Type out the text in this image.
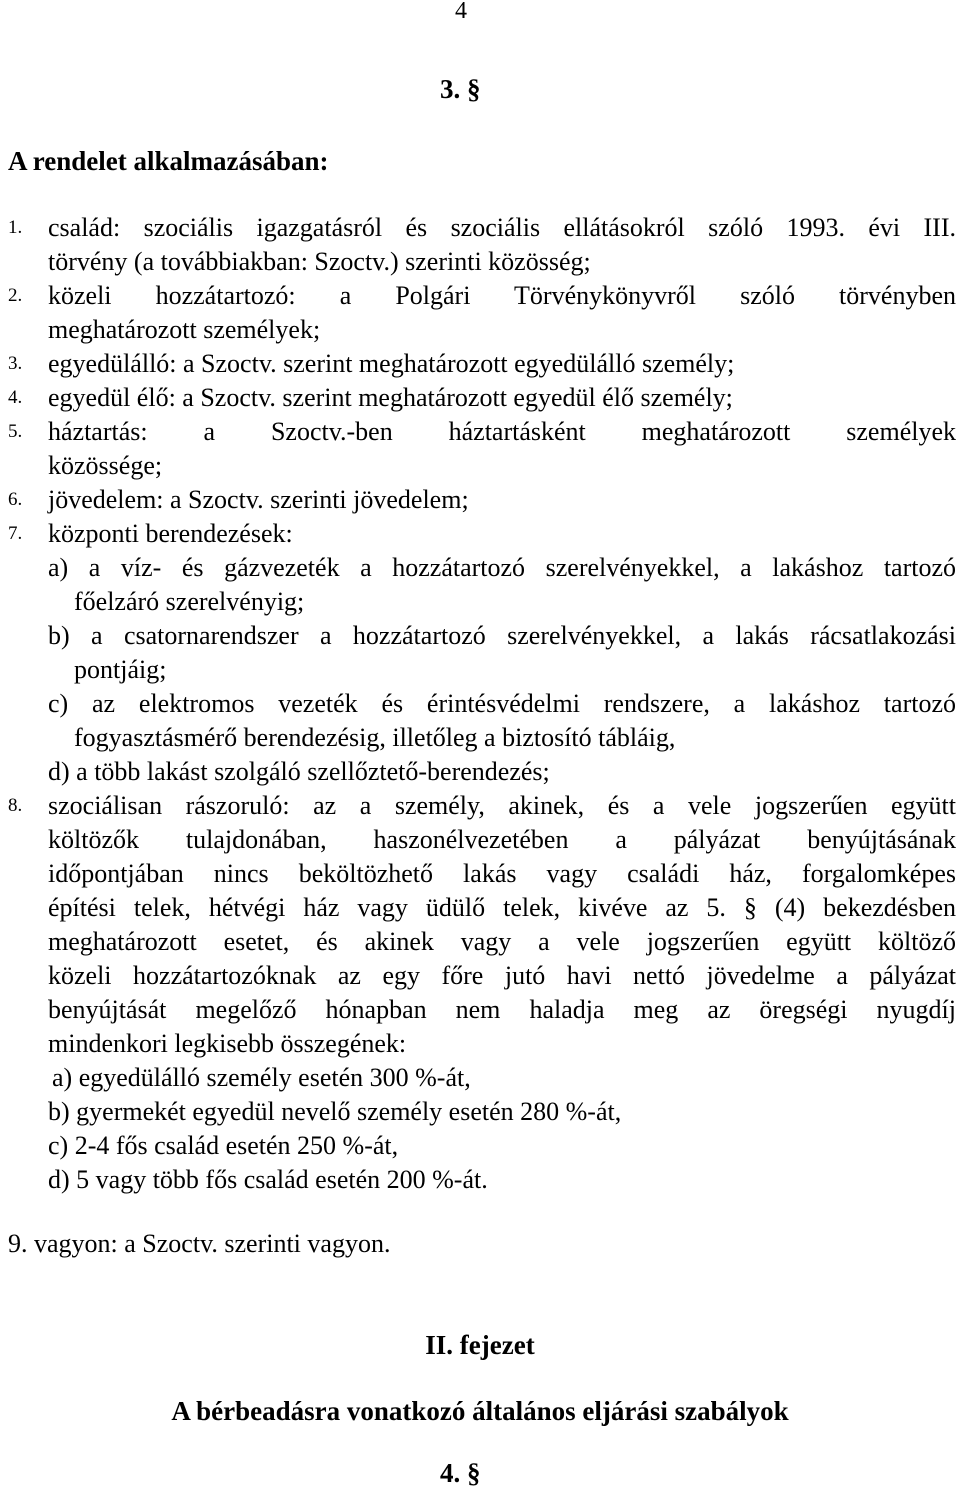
4
3. §
A rendelet alkalmazásában:
1. család: szociális igazgatásról és szociális ellátásokról szóló 1993. évi III.
törvény (a továbbiakban: Szoctv.) szerinti közösség;
2. közeli hozzátartozó: a Polgári Törvénykönyvről szóló törvényben
meghatározott személyek;
3. egyedülálló: a Szoctv. szerint meghatározott egyedülálló személy;
4. egyedül élő: a Szoctv. szerint meghatározott egyedül élő személy;
5. háztartás: a Szoctv.-ben háztartásként meghatározott személyek
közössége;
6. jövedelem: a Szoctv. szerinti jövedelem;
7. központi berendezések:
a) a víz- és gázvezeték a hozzátartozó szerelvényekkel, a lakáshoz tartozó
főelzáró szerelvényig;
b) a csatornarendszer a hozzátartozó szerelvényekkel, a lakás rácsatlakozási
pontjáig;
c) az elektromos vezeték és érintésvédelmi rendszere, a lakáshoz tartozó
fogyasztásmérő berendezésig, illetőleg a biztosító tábláig,
d) a több lakást szolgáló szellőztető-berendezés;
8. szociálisan rászoruló: az a személy, akinek, és a vele jogszerűen együtt
költözők tulajdonában, haszonélvezetében a pályázat benyújtásának
időpontjában nincs beköltözhető lakás vagy családi ház, forgalomképes
építési telek, hétvégi ház vagy üdülő telek, kivéve az 5. § (4) bekezdésben
meghatározott esetet, és akinek vagy a vele jogszerűen együtt költöző
közeli hozzátartozóknak az egy főre jutó havi nettó jövedelme a pályázat
benyújtását megelőző hónapban nem haladja meg az öregségi nyugdíj
mindenkori legkisebb összegének:
a) egyedülálló személy esetén 300 %-át,
b) gyermekét egyedül nevelő személy esetén 280 %-át,
c) 2-4 fős család esetén 250 %-át,
d) 5 vagy több fős család esetén 200 %-át.
9. vagyon: a Szoctv. szerinti vagyon.
II. fejezet
A bérbeadásra vonatkozó általános eljárási szabályok
4. §
